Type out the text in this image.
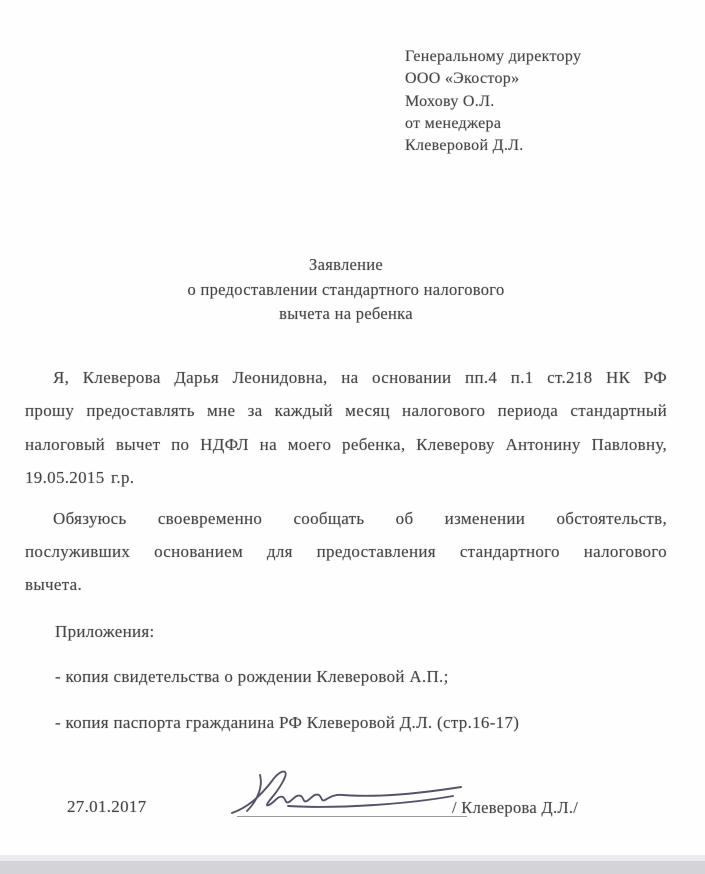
Генеральному директору
ООО «Экостор»
Мохову О.Л.
от менеджера
Клеверовой Д.Л.
Заявление
о предоставлении стандартного налогового
вычета на ребенка
Я, Клеверова Дарья Леонидовна, на основании пп.4 п.1 ст.218 НК РФ
прошу предоставлять мне за каждый месяц налогового периода стандартный
налоговый вычет по НДФЛ на моего ребенка, Клеверову Антонину Павловну,
19.05.2015 г.р.
Обязуюсь своевременно сообщать об изменении обстоятельств,
послуживших основанием для предоставления стандартного налогового
вычета.
Приложения:
- копия свидетельства о рождении Клеверовой А.П.;
- копия паспорта гражданина РФ Клеверовой Д.Л. (стр.16-17)
27.01.2017	/ Клеверова Д.Л./
